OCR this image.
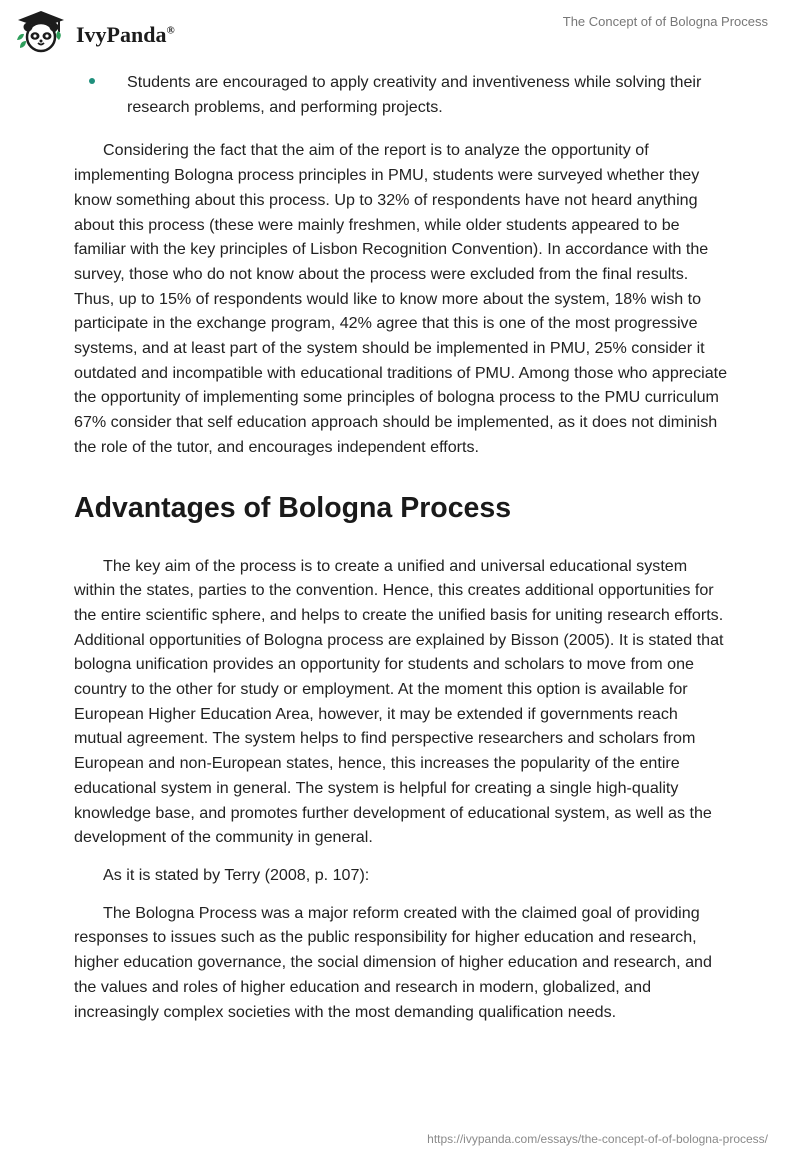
IvyPanda®
The Concept of of Bologna Process
Students are encouraged to apply creativity and inventiveness while solving their research problems, and performing projects.

Considering the fact that the aim of the report is to analyze the opportunity of implementing Bologna process principles in PMU, students were surveyed whether they know something about this process. Up to 32% of respondents have not heard anything about this process (these were mainly freshmen, while older students appeared to be familiar with the key principles of Lisbon Recognition Convention). In accordance with the survey, those who do not know about the process were excluded from the final results. Thus, up to 15% of respondents would like to know more about the system, 18% wish to participate in the exchange program, 42% agree that this is one of the most progressive systems, and at least part of the system should be implemented in PMU, 25% consider it outdated and incompatible with educational traditions of PMU. Among those who appreciate the opportunity of implementing some principles of bologna process to the PMU curriculum 67% consider that self education approach should be implemented, as it does not diminish the role of the tutor, and encourages independent efforts.

Advantages of Bologna Process

The key aim of the process is to create a unified and universal educational system within the states, parties to the convention. Hence, this creates additional opportunities for the entire scientific sphere, and helps to create the unified basis for uniting research efforts. Additional opportunities of Bologna process are explained by Bisson (2005). It is stated that bologna unification provides an opportunity for students and scholars to move from one country to the other for study or employment. At the moment this option is available for European Higher Education Area, however, it may be extended if governments reach mutual agreement. The system helps to find perspective researchers and scholars from European and non-European states, hence, this increases the popularity of the entire educational system in general. The system is helpful for creating a single high-quality knowledge base, and promotes further development of educational system, as well as the development of the community in general.

As it is stated by Terry (2008, p. 107):

The Bologna Process was a major reform created with the claimed goal of providing responses to issues such as the public responsibility for higher education and research, higher education governance, the social dimension of higher education and research, and the values and roles of higher education and research in modern, globalized, and increasingly complex societies with the most demanding qualification needs.

https://ivypanda.com/essays/the-concept-of-of-bologna-process/
